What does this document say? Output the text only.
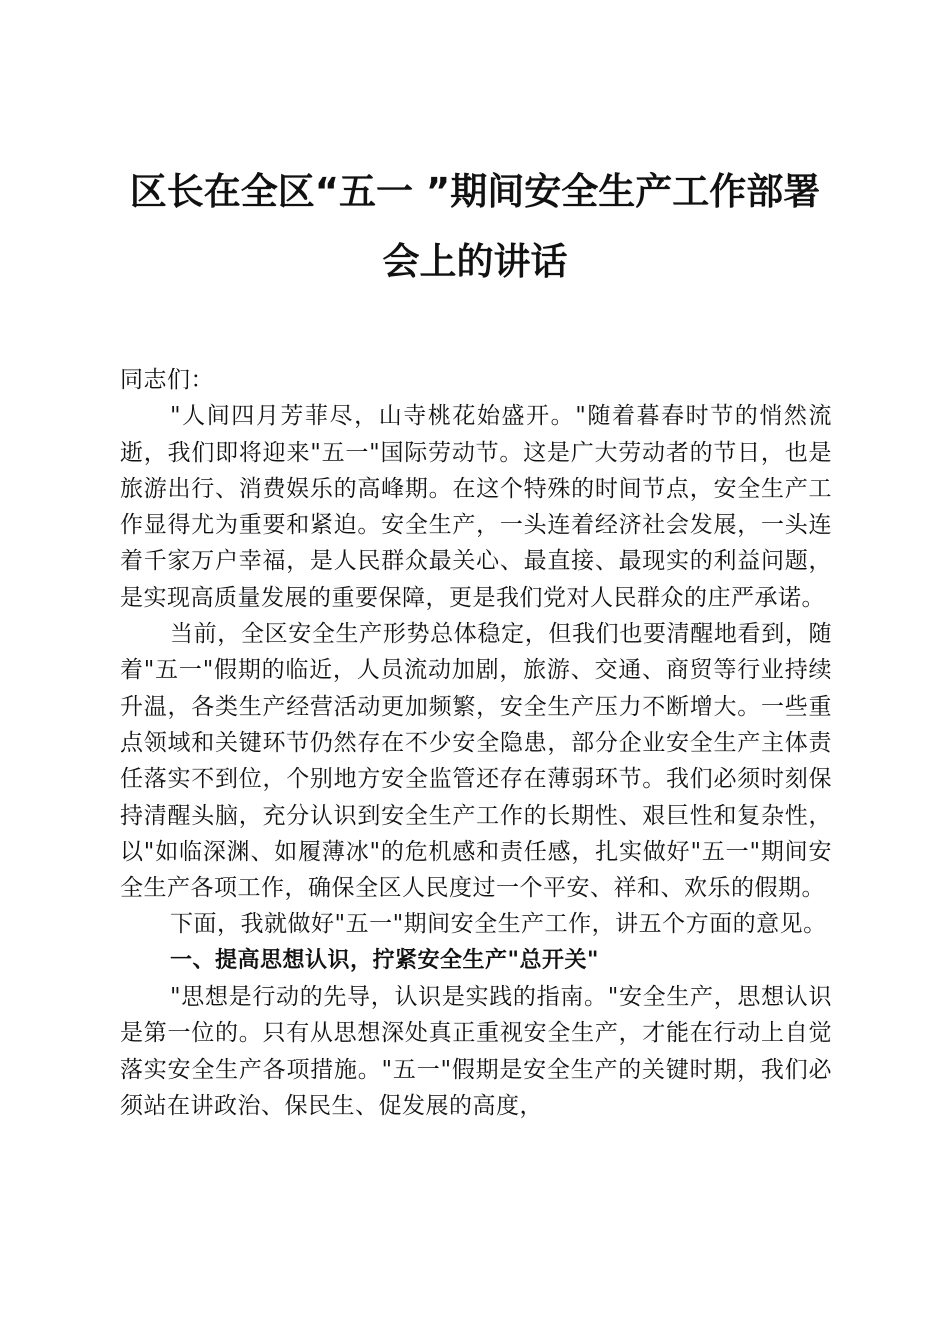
区长在全区“五一 ”期间安全生产工作部署
会上的讲话

同志们：

"人间四月芳菲尽，山寺桃花始盛开。"随着暮春时节的悄然流逝，我们即将迎来"五一"国际劳动节。这是广大劳动者的节日，也是旅游出行、消费娱乐的高峰期。在这个特殊的时间节点，安全生产工作显得尤为重要和紧迫。安全生产，一头连着经济社会发展，一头连着千家万户幸福，是人民群众最关心、最直接、最现实的利益问题，是实现高质量发展的重要保障，更是我们党对人民群众的庄严承诺。

当前，全区安全生产形势总体稳定，但我们也要清醒地看到，随着"五一"假期的临近，人员流动加剧，旅游、交通、商贸等行业持续升温，各类生产经营活动更加频繁，安全生产压力不断增大。一些重点领域和关键环节仍然存在不少安全隐患，部分企业安全生产主体责任落实不到位，个别地方安全监管还存在薄弱环节。我们必须时刻保持清醒头脑，充分认识到安全生产工作的长期性、艰巨性和复杂性，以"如临深渊、如履薄冰"的危机感和责任感，扎实做好"五一"期间安全生产各项工作，确保全区人民度过一个平安、祥和、欢乐的假期。

下面，我就做好"五一"期间安全生产工作，讲五个方面的意见。

一、提高思想认识，拧紧安全生产"总开关"

"思想是行动的先导，认识是实践的指南。"安全生产，思想认识是第一位的。只有从思想深处真正重视安全生产，才能在行动上自觉落实安全生产各项措施。"五一"假期是安全生产的关键时期，我们必须站在讲政治、保民生、促发展的高度，
